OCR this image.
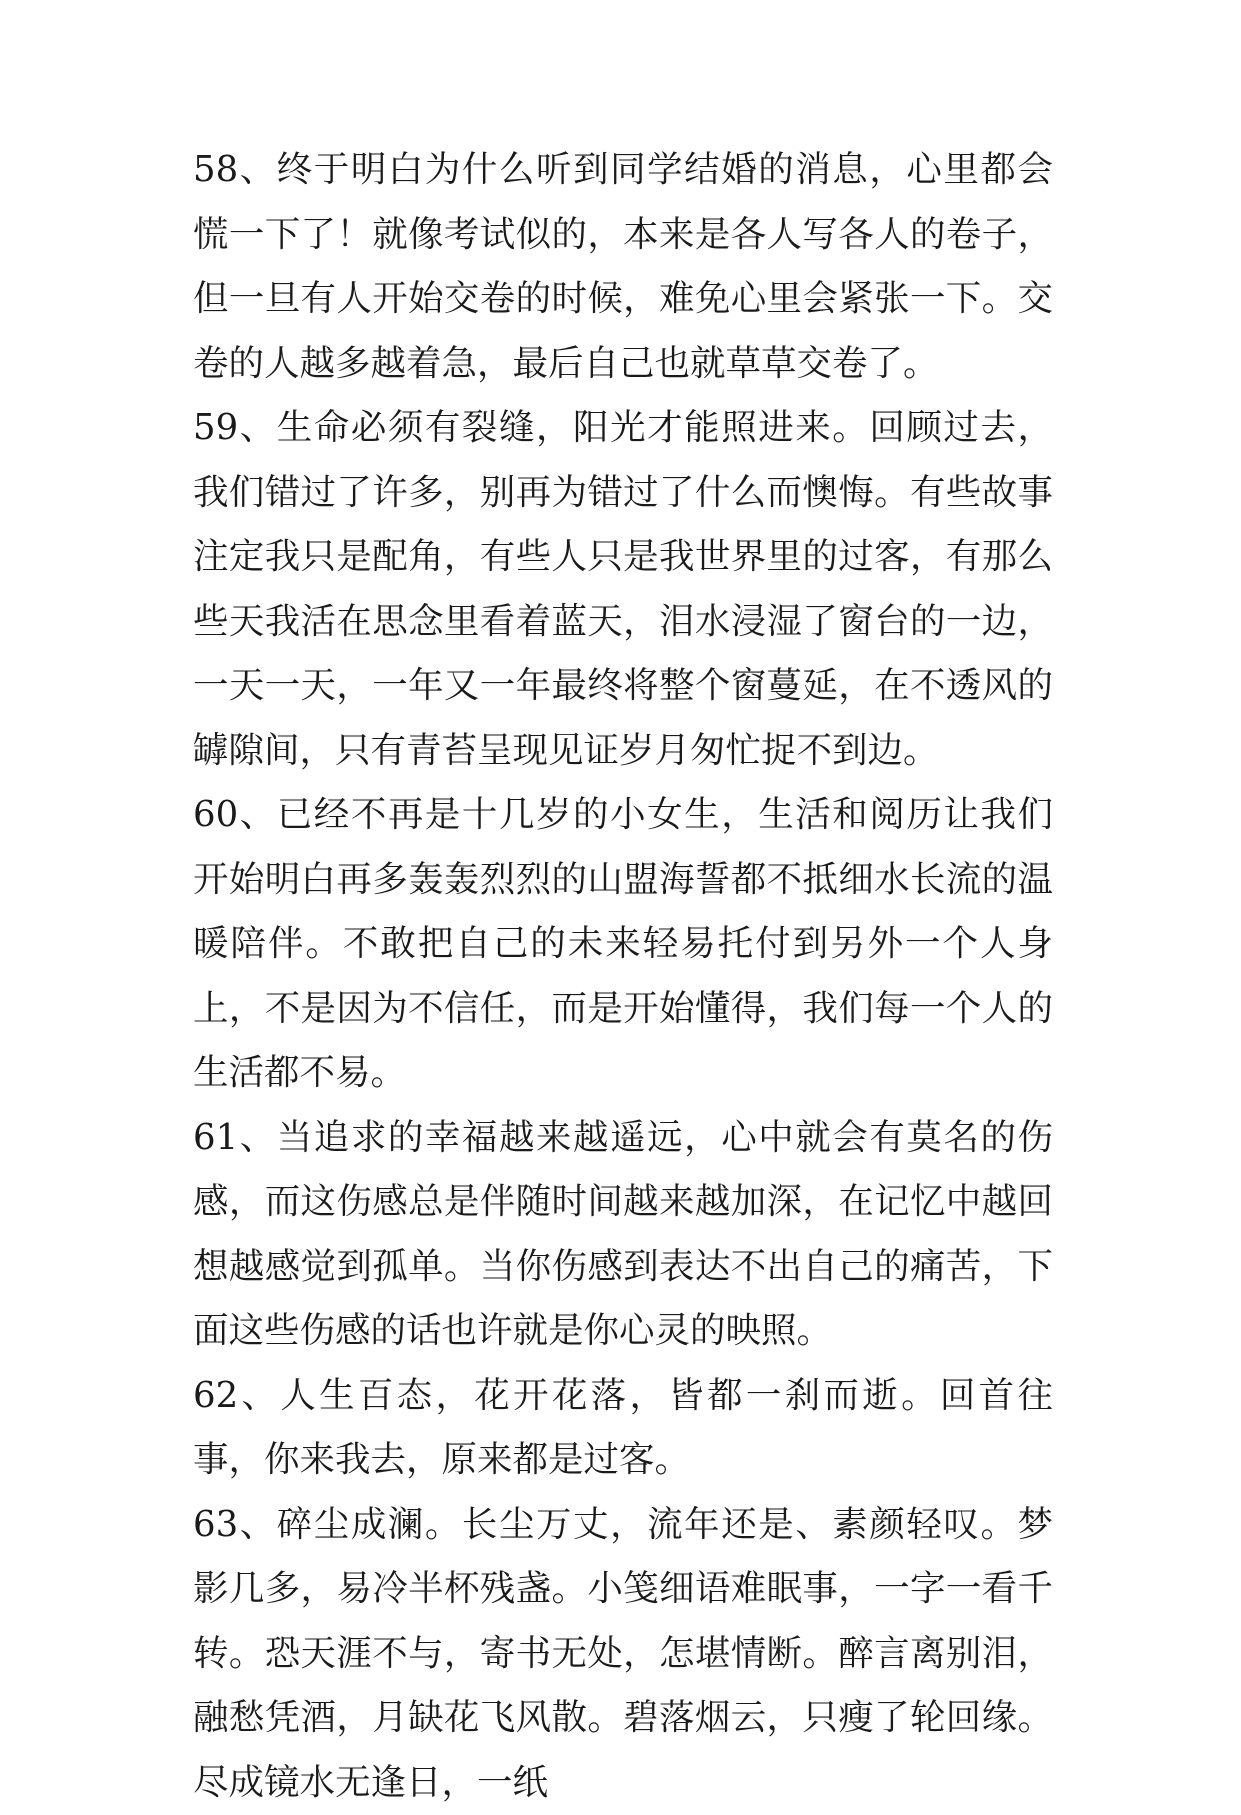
58、终于明白为什么听到同学结婚的消息，心里都会慌一下了！就像考试似的，本来是各人写各人的卷子，但一旦有人开始交卷的时候，难免心里会紧张一下。交卷的人越多越着急，最后自己也就草草交卷了。

59、生命必须有裂缝，阳光才能照进来。回顾过去，我们错过了许多，别再为错过了什么而懊悔。有些故事注定我只是配角，有些人只是我世界里的过客，有那么些天我活在思念里看着蓝天，泪水浸湿了窗台的一边，一天一天，一年又一年最终将整个窗蔓延，在不透风的罅隙间，只有青苔呈现见证岁月匆忙捉不到边。

60、已经不再是十几岁的小女生，生活和阅历让我们开始明白再多轰轰烈烈的山盟海誓都不抵细水长流的温暖陪伴。不敢把自己的未来轻易托付到另外一个人身上，不是因为不信任，而是开始懂得，我们每一个人的生活都不易。

61、当追求的幸福越来越遥远，心中就会有莫名的伤感，而这伤感总是伴随时间越来越加深，在记忆中越回想越感觉到孤单。当你伤感到表达不出自己的痛苦，下面这些伤感的话也许就是你心灵的映照。

62、人生百态，花开花落，皆都一刹而逝。回首往事，你来我去，原来都是过客。

63、碎尘成澜。长尘万丈，流年还是、素颜轻叹。梦影几多，易冷半杯残盏。小笺细语难眠事，一字一看千转。恐天涯不与，寄书无处，怎堪情断。醉言离别泪，融愁凭酒，月缺花飞风散。碧落烟云，只瘦了轮回缘。尽成镜水无逢日，一纸
